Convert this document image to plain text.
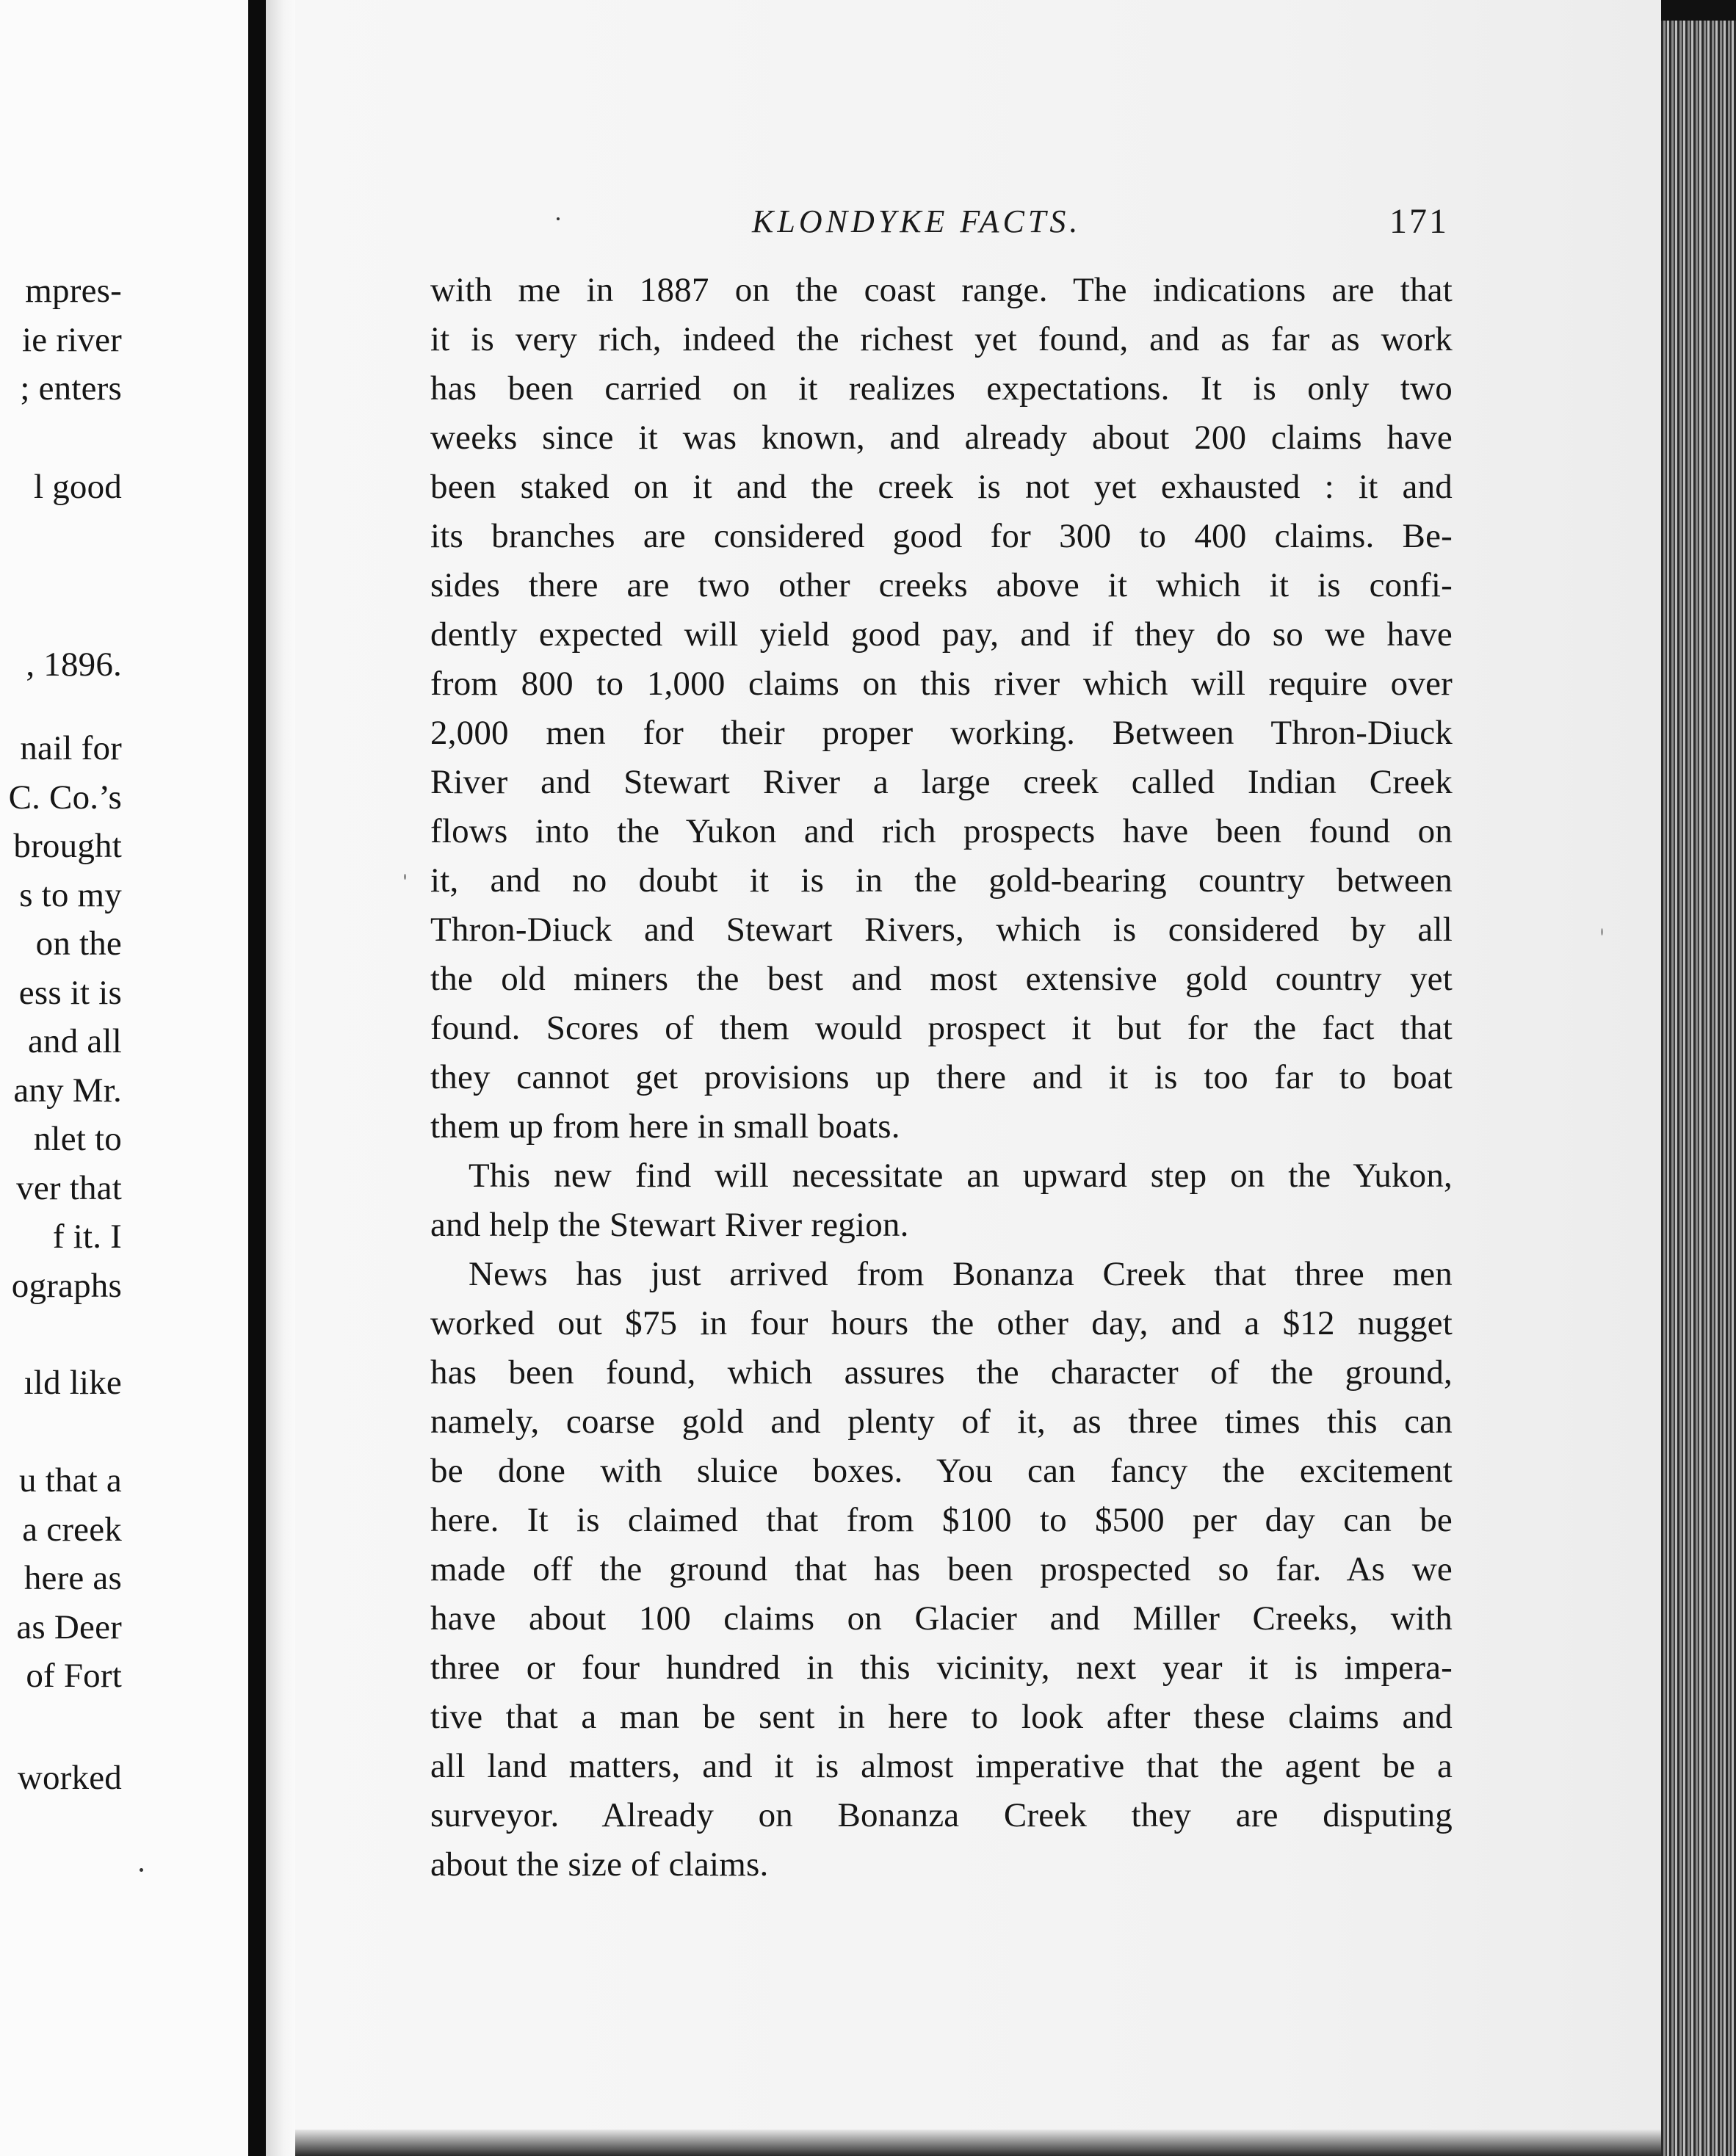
mpres-
ie river
; enters
l good
, 1896.
nail for
C. Co.’s
brought
s to my
on the
ess it is
and all
any Mr.
nlet to
ver that
f it. I
ographs
ıld like
u that a
a creek
here as
as Deer
of Fort
worked
KLONDYKE FACTS.	171
with me in 1887 on the coast range. The indications are that
it is very rich, indeed the richest yet found, and as far as work
has been carried on it realizes expectations. It is only two
weeks since it was known, and already about 200 claims have
been staked on it and the creek is not yet exhausted : it and
its branches are considered good for 300 to 400 claims. Be-
sides there are two other creeks above it which it is confi-
dently expected will yield good pay, and if they do so we have
from 800 to 1,000 claims on this river which will require over
2,000 men for their proper working. Between Thron-Diuck
River and Stewart River a large creek called Indian Creek
flows into the Yukon and rich prospects have been found on
it, and no doubt it is in the gold-bearing country between
Thron-Diuck and Stewart Rivers, which is considered by all
the old miners the best and most extensive gold country yet
found. Scores of them would prospect it but for the fact that
they cannot get provisions up there and it is too far to boat
them up from here in small boats.
This new find will necessitate an upward step on the Yukon,
and help the Stewart River region.
News has just arrived from Bonanza Creek that three men
worked out $75 in four hours the other day, and a $12 nugget
has been found, which assures the character of the ground,
namely, coarse gold and plenty of it, as three times this can
be done with sluice boxes. You can fancy the excitement
here. It is claimed that from $100 to $500 per day can be
made off the ground that has been prospected so far. As we
have about 100 claims on Glacier and Miller Creeks, with
three or four hundred in this vicinity, next year it is impera-
tive that a man be sent in here to look after these claims and
all land matters, and it is almost imperative that the agent be a
surveyor. Already on Bonanza Creek they are disputing
about the size of claims.
